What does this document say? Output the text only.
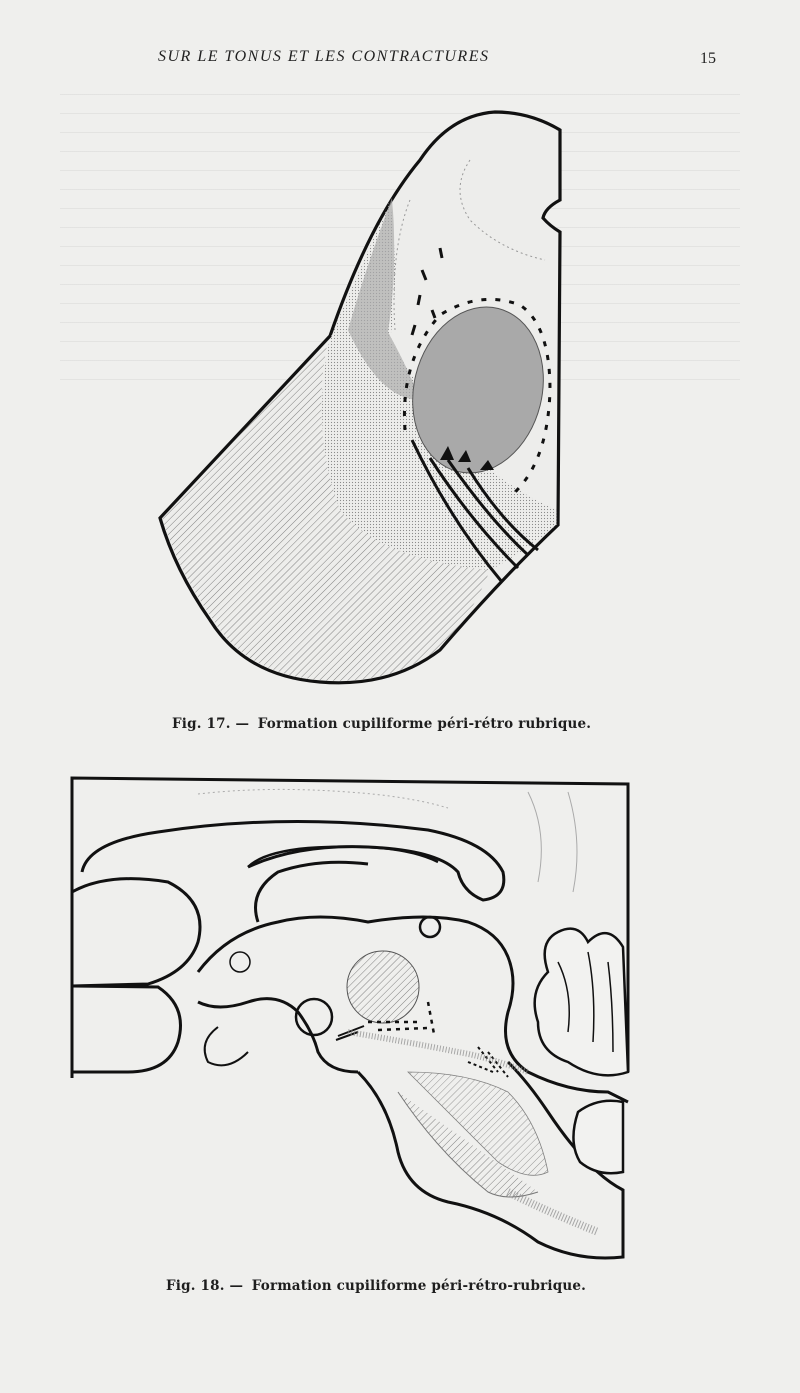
SUR LE TONUS ET LES CONTRACTURES	15
Fig. 17. — Formation cupiliforme péri-rétro rubrique.
Fig. 18. — Formation cupiliforme péri-rétro-rubrique.
